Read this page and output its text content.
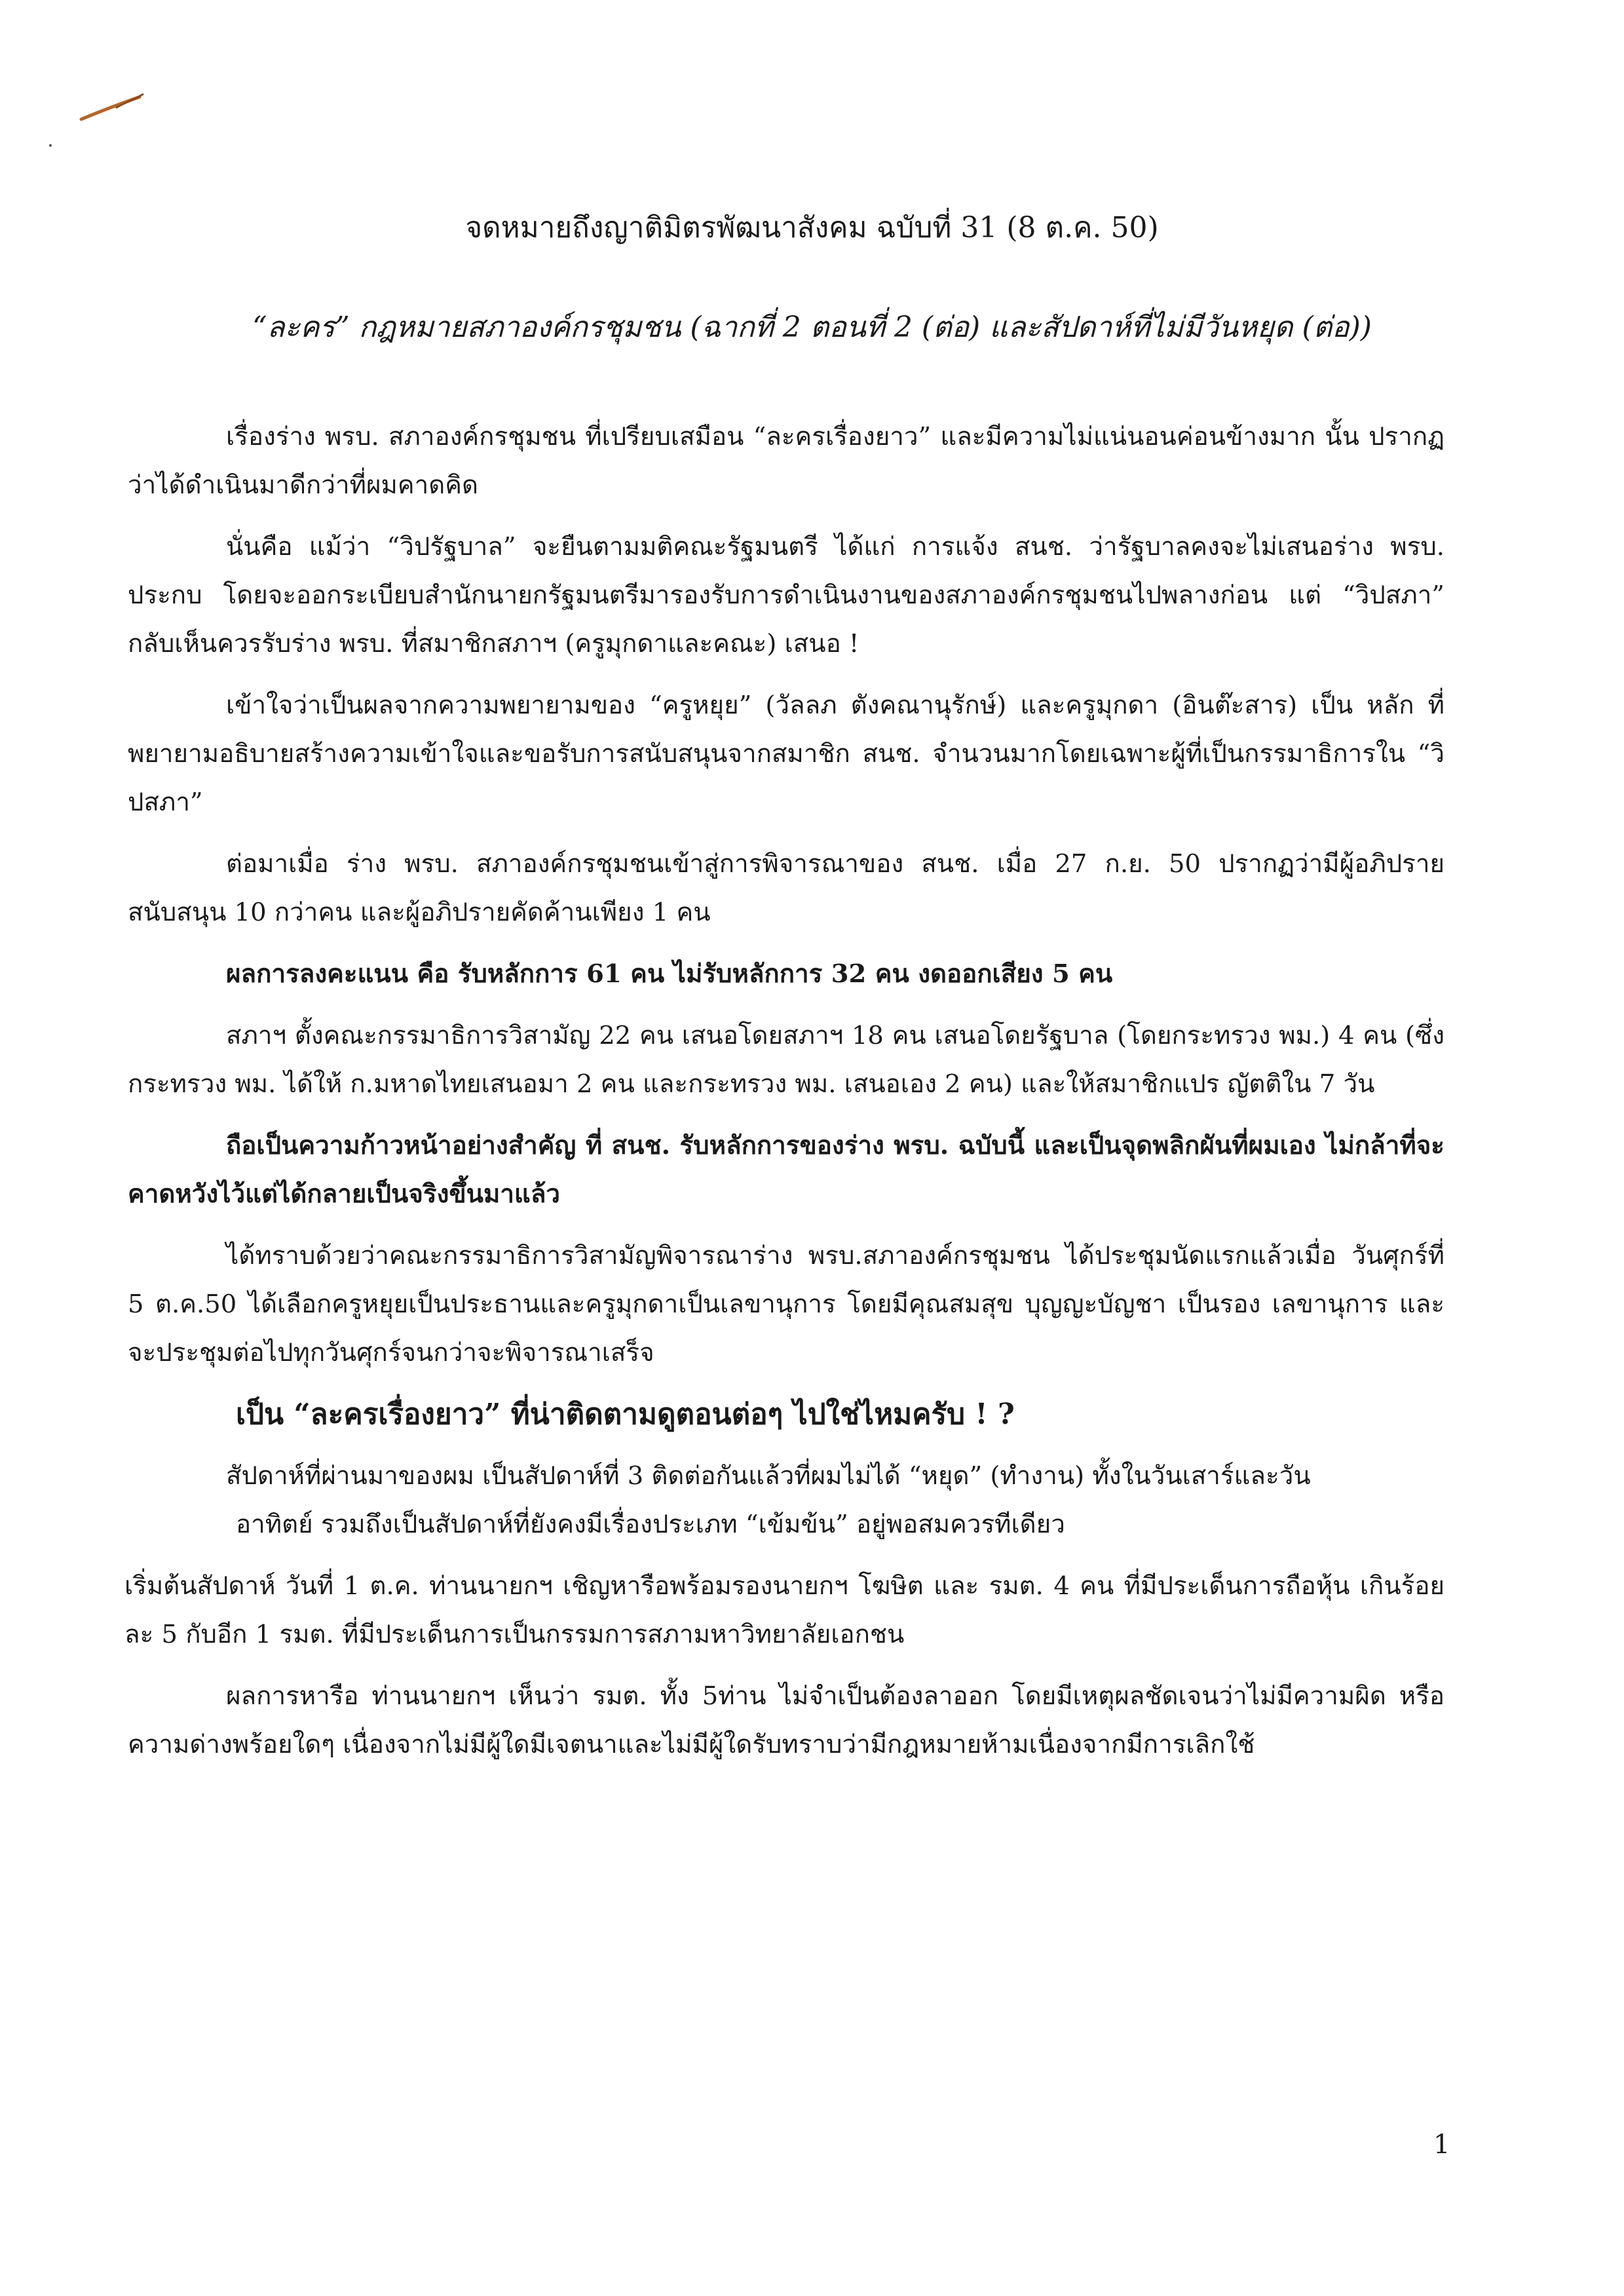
จดหมายถึงญาติมิตรพัฒนาสังคม ฉบับที่ 31 (8 ต.ค. 50)
“ละคร” กฎหมายสภาองค์กรชุมชน (ฉากที่ 2 ตอนที่ 2 (ต่อ) และสัปดาห์ที่ไม่มีวันหยุด (ต่อ))

เรื่องร่าง พรบ. สภาองค์กรชุมชน ที่เปรียบเสมือน “ละครเรื่องยาว” และมีความไม่แน่นอนค่อนข้างมาก นั้น ปรากฏว่าได้ดำเนินมาดีกว่าที่ผมคาดคิด

นั่นคือ แม้ว่า “วิปรัฐบาล” จะยืนตามมติคณะรัฐมนตรี ได้แก่ การแจ้ง สนช. ว่ารัฐบาลคงจะไม่เสนอร่าง พรบ. ประกบ โดยจะออกระเบียบสำนักนายกรัฐมนตรีมารองรับการดำเนินงานของสภาองค์กรชุมชนไปพลางก่อน แต่ “วิปสภา” กลับเห็นควรรับร่าง พรบ. ที่สมาชิกสภาฯ (ครูมุกดาและคณะ) เสนอ !

เข้าใจว่าเป็นผลจากความพยายามของ “ครูหยุย” (วัลลภ ตังคณานุรักษ์) และครูมุกดา (อินต๊ะสาร) เป็น หลัก ที่พยายามอธิบายสร้างความเข้าใจและขอรับการสนับสนุนจากสมาชิก สนช. จำนวนมากโดยเฉพาะผู้ที่เป็นกรรมาธิการใน “วิปสภา”

ต่อมาเมื่อ ร่าง พรบ. สภาองค์กรชุมชนเข้าสู่การพิจารณาของ สนช. เมื่อ 27 ก.ย. 50 ปรากฏว่ามีผู้อภิปราย สนับสนุน 10 กว่าคน และผู้อภิปรายคัดค้านเพียง 1 คน

ผลการลงคะแนน คือ รับหลักการ 61 คน ไม่รับหลักการ 32 คน งดออกเสียง 5 คน

สภาฯ ตั้งคณะกรรมาธิการวิสามัญ 22 คน เสนอโดยสภาฯ 18 คน เสนอโดยรัฐบาล (โดยกระทรวง พม.) 4 คน (ซึ่งกระทรวง พม. ได้ให้ ก.มหาดไทยเสนอมา 2 คน และกระทรวง พม. เสนอเอง 2 คน) และให้สมาชิกแปร ญัตติใน 7 วัน

ถือเป็นความก้าวหน้าอย่างสำคัญ ที่ สนช. รับหลักการของร่าง พรบ. ฉบับนี้ และเป็นจุดพลิกผันที่ผมเอง ไม่กล้าที่จะคาดหวังไว้แต่ได้กลายเป็นจริงขึ้นมาแล้ว

ได้ทราบด้วยว่าคณะกรรมาธิการวิสามัญพิจารณาร่าง พรบ.สภาองค์กรชุมชน ได้ประชุมนัดแรกแล้วเมื่อ วันศุกร์ที่ 5 ต.ค.50 ได้เลือกครูหยุยเป็นประธานและครูมุกดาเป็นเลขานุการ โดยมีคุณสมสุข บุญญะบัญชา เป็นรอง เลขานุการ และจะประชุมต่อไปทุกวันศุกร์จนกว่าจะพิจารณาเสร็จ

เป็น “ละครเรื่องยาว” ที่น่าติดตามดูตอนต่อๆ ไปใช่ไหมครับ ! ?

สัปดาห์ที่ผ่านมาของผม เป็นสัปดาห์ที่ 3 ติดต่อกันแล้วที่ผมไม่ได้ “หยุด” (ทำงาน) ทั้งในวันเสาร์และวัน

อาทิตย์ รวมถึงเป็นสัปดาห์ที่ยังคงมีเรื่องประเภท “เข้มข้น” อยู่พอสมควรทีเดียว

เริ่มต้นสัปดาห์ วันที่ 1 ต.ค. ท่านนายกฯ เชิญหารือพร้อมรองนายกฯ โฆษิต และ รมต. 4 คน ที่มีประเด็นการถือหุ้น เกินร้อยละ 5 กับอีก 1 รมต. ที่มีประเด็นการเป็นกรรมการสภามหาวิทยาลัยเอกชน

ผลการหารือ ท่านนายกฯ เห็นว่า รมต. ทั้ง 5ท่าน ไม่จำเป็นต้องลาออก โดยมีเหตุผลชัดเจนว่าไม่มีความผิด หรือความด่างพร้อยใดๆ เนื่องจากไม่มีผู้ใดมีเจตนาและไม่มีผู้ใดรับทราบว่ามีกฎหมายห้ามเนื่องจากมีการเลิกใช้

1
